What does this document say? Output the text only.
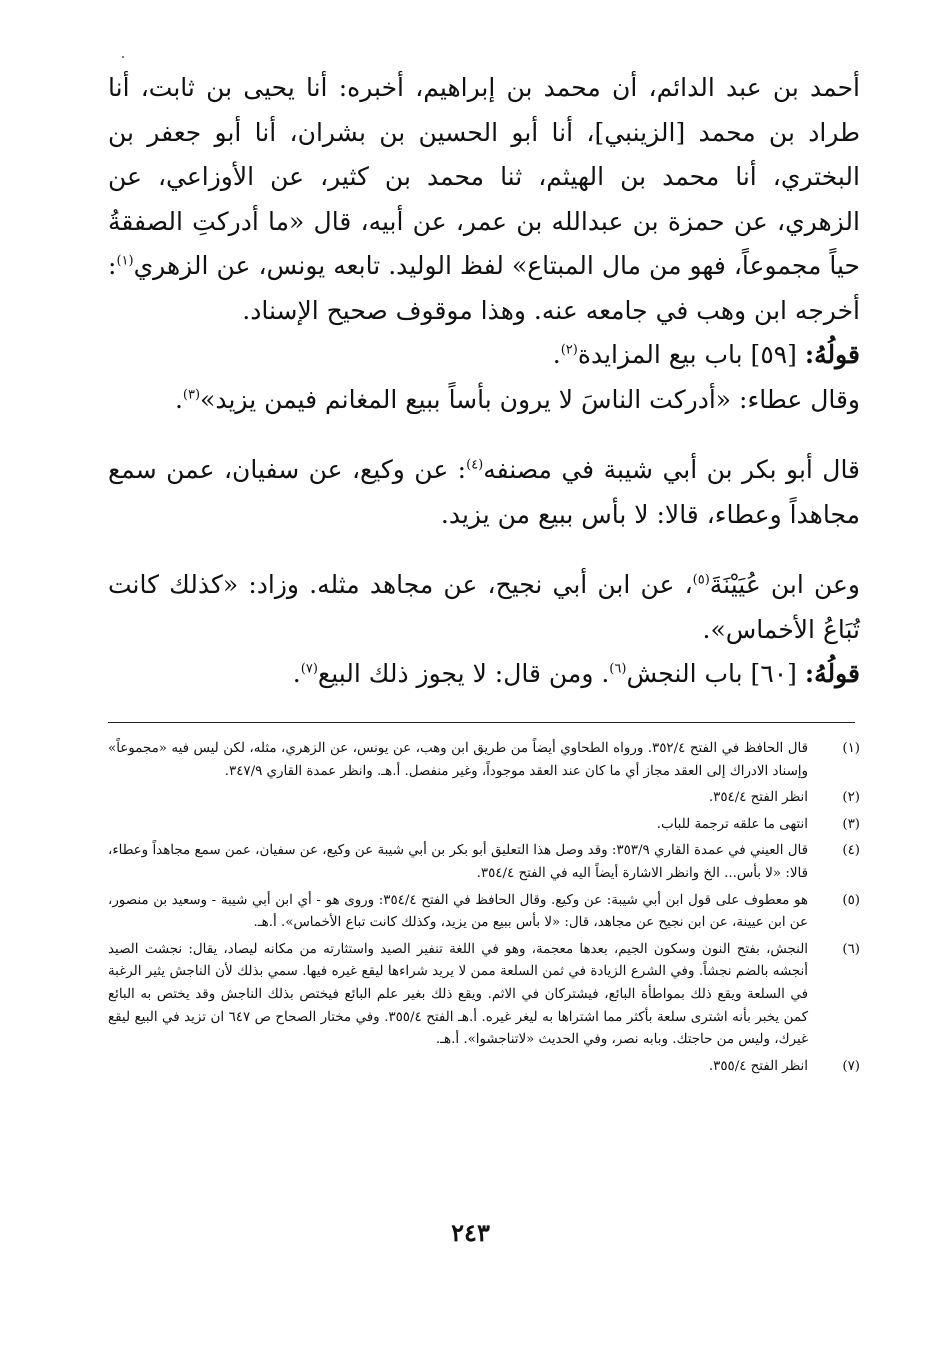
أحمد بن عبد الدائم، أن محمد بن إبراهيم، أخبره: أنا يحيى بن ثابت، أنا طراد بن محمد [الزينبي]، أنا أبو الحسين بن بشران، أنا أبو جعفر بن البختري، أنا محمد بن الهيثم، ثنا محمد بن كثير، عن الأوزاعي، عن الزهري، عن حمزة بن عبدالله بن عمر، عن أبيه، قال «ما أدركتِ الصفقةُ حياً مجموعاً، فهو من مال المبتاع» لفظ الوليد. تابعه يونس، عن الزهري$^{(١)}$: أخرجه ابن وهب في جامعه عنه. وهذا موقوف صحيح الإسناد.

قولُهُ: [٥٩] باب بيع المزايدة$^{(٢)}$.

وقال عطاء: «أدركت الناسَ لا يرون بأساً ببيع المغانم فيمن يزيد»$^{(٣)}$.

قال أبو بكر بن أبي شيبة في مصنفه$^{(٤)}$: عن وكيع، عن سفيان، عمن سمع مجاهداً وعطاء، قالا: لا بأس ببيع من يزيد.

وعن ابن عُيَيْنَةَ$^{(٥)}$، عن ابن أبي نجيح، عن مجاهد مثله. وزاد: «كذلك كانت تُبَاعُ الأخماس».

قولُهُ: [٦٠] باب النجش$^{(٦)}$. ومن قال: لا يجوز ذلك البيع$^{(٧)}$.

(١)
قال الحافظ في الفتح ٣٥٢/٤. ورواه الطحاوي أيضاً من طريق ابن وهب، عن يونس، عن الزهري، مثله، لكن ليس فيه «مجموعاً» وإسناد الادراك إلى العقد مجاز أي ما كان عند العقد موجوداً، وغير منفصل. أ.هـ. وانظر عمدة القاري ٣٤٧/٩.
(٢)
انظر الفتح ٣٥٤/٤.
(٣)
انتهى ما علقه ترجمة للباب.
(٤)
قال العيني في عمدة القاري ٣٥٣/٩: وقد وصل هذا التعليق أبو بكر بن أبي شيبة عن وكيع، عن سفيان، عمن سمع مجاهداً وعطاء، قالا: «لا بأس... الخ وانظر الاشارة أيضاً اليه في الفتح ٣٥٤/٤.
(٥)
هو معطوف على قول ابن أبي شيبة: عن وكيع. وقال الحافظ في الفتح ٣٥٤/٤: وروى هو - أي ابن أبي شيبة - وسعيد بن منصور، عن ابن عيينة، عن ابن نجيح عن مجاهد، قال: «لا بأس ببيع من يزيد، وكذلك كانت تباع الأخماس». أ.هـ.
(٦)
النجش، بفتح النون وسكون الجيم، بعدها معجمة، وهو في اللغة تنفير الصيد واستثارته من مكانه ليصاد، يقال: نجشت الصيد أنجشه بالضم نجشاً. وفي الشرع الزيادة في ثمن السلعة ممن لا يريد شراءها ليقع غيره فيها. سمي بذلك لأن الناجش يثير الرغبة في السلعة ويقع ذلك بمواطأة البائع، فيشتركان في الاثم. ويقع ذلك بغير علم البائع فيختص بذلك الناجش وقد يختص به البائع كمن يخبر بأنه اشترى سلعة بأكثر مما اشتراها به ليغر غيره. أ.هـ الفتح ٣٥٥/٤. وفي مختار الصحاح ص ٦٤٧ ان تزيد في البيع ليقع غيرك، وليس من حاجتك. وبابه نصر، وفي الحديث «لاتناجشوا». أ.هـ.
(٧)
انظر الفتح ٣٥٥/٤.
٢٤٣
